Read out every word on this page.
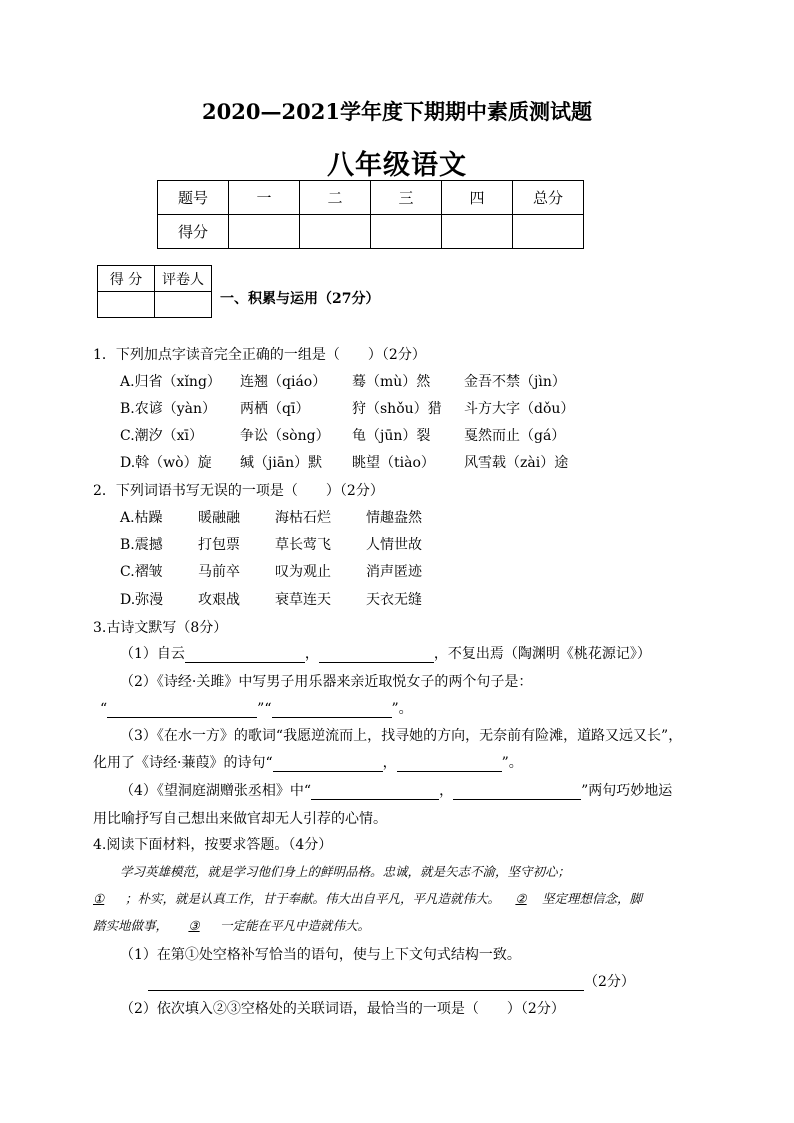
2020—2021学年度下期期中素质测试题
八年级语文
题号	一	二	三	四	总分
得分					
得 分	评卷人

一、积累与运用（27分）
1．下列加点字读音完全正确的一组是（　　）（2分）
A.归省（xǐng） 连翘（qiáo） 蓦（mù）然 金吾不禁（jìn）
B.农谚（yàn） 两栖（qī）	狩（shǒu）猎 斗方大字（dǒu）
C.潮汐（xī）	争讼（sòng） 龟（jūn）裂 戛然而止（gá）
D.斡（wò）旋 缄（jiān）默 眺望（tiào） 风雪载（zài）途
2．下列词语书写无误的一项是（　　）（2分）
A.枯躁	暖融融	海枯石烂	情趣盎然
B.震撼	打包票	草长莺飞	人情世故
C.褶皱	马前卒	叹为观止	消声匿迹
D.弥漫 攻艰战	衰草连天	天衣无缝
3.古诗文默写（8分）
（1）自云	，	，不复出焉（陶渊明《桃花源记》）
（2）《诗经·关雎》中写男子用乐器来亲近取悦女子的两个句子是：
“	”“	”。
（3）《在水一方》的歌词“我愿逆流而上，找寻她的方向，无奈前有险滩，道路又远又长”，
化用了《诗经·蒹葭》的诗句“	，	”。
（4）《望洞庭湖赠张丞相》中“	，	”两句巧妙地运
用比喻抒写自己想出来做官却无人引荐的心情。
4.阅读下面材料，按要求答题。（4分）
学习英雄模范，就是学习他们身上的鲜明品格。忠诚，就是矢志不渝，坚守初心；
① ；朴实，就是认真工作，甘于奉献。伟大出自平凡，平凡造就伟大。 ② 坚定理想信念，脚
踏实地做事， ③ 一定能在平凡中造就伟大。
（1）在第①处空格补写恰当的语句，使与上下文句式结构一致。
（2分）
（2）依次填入②③空格处的关联词语，最恰当的一项是（　　）（2分）
